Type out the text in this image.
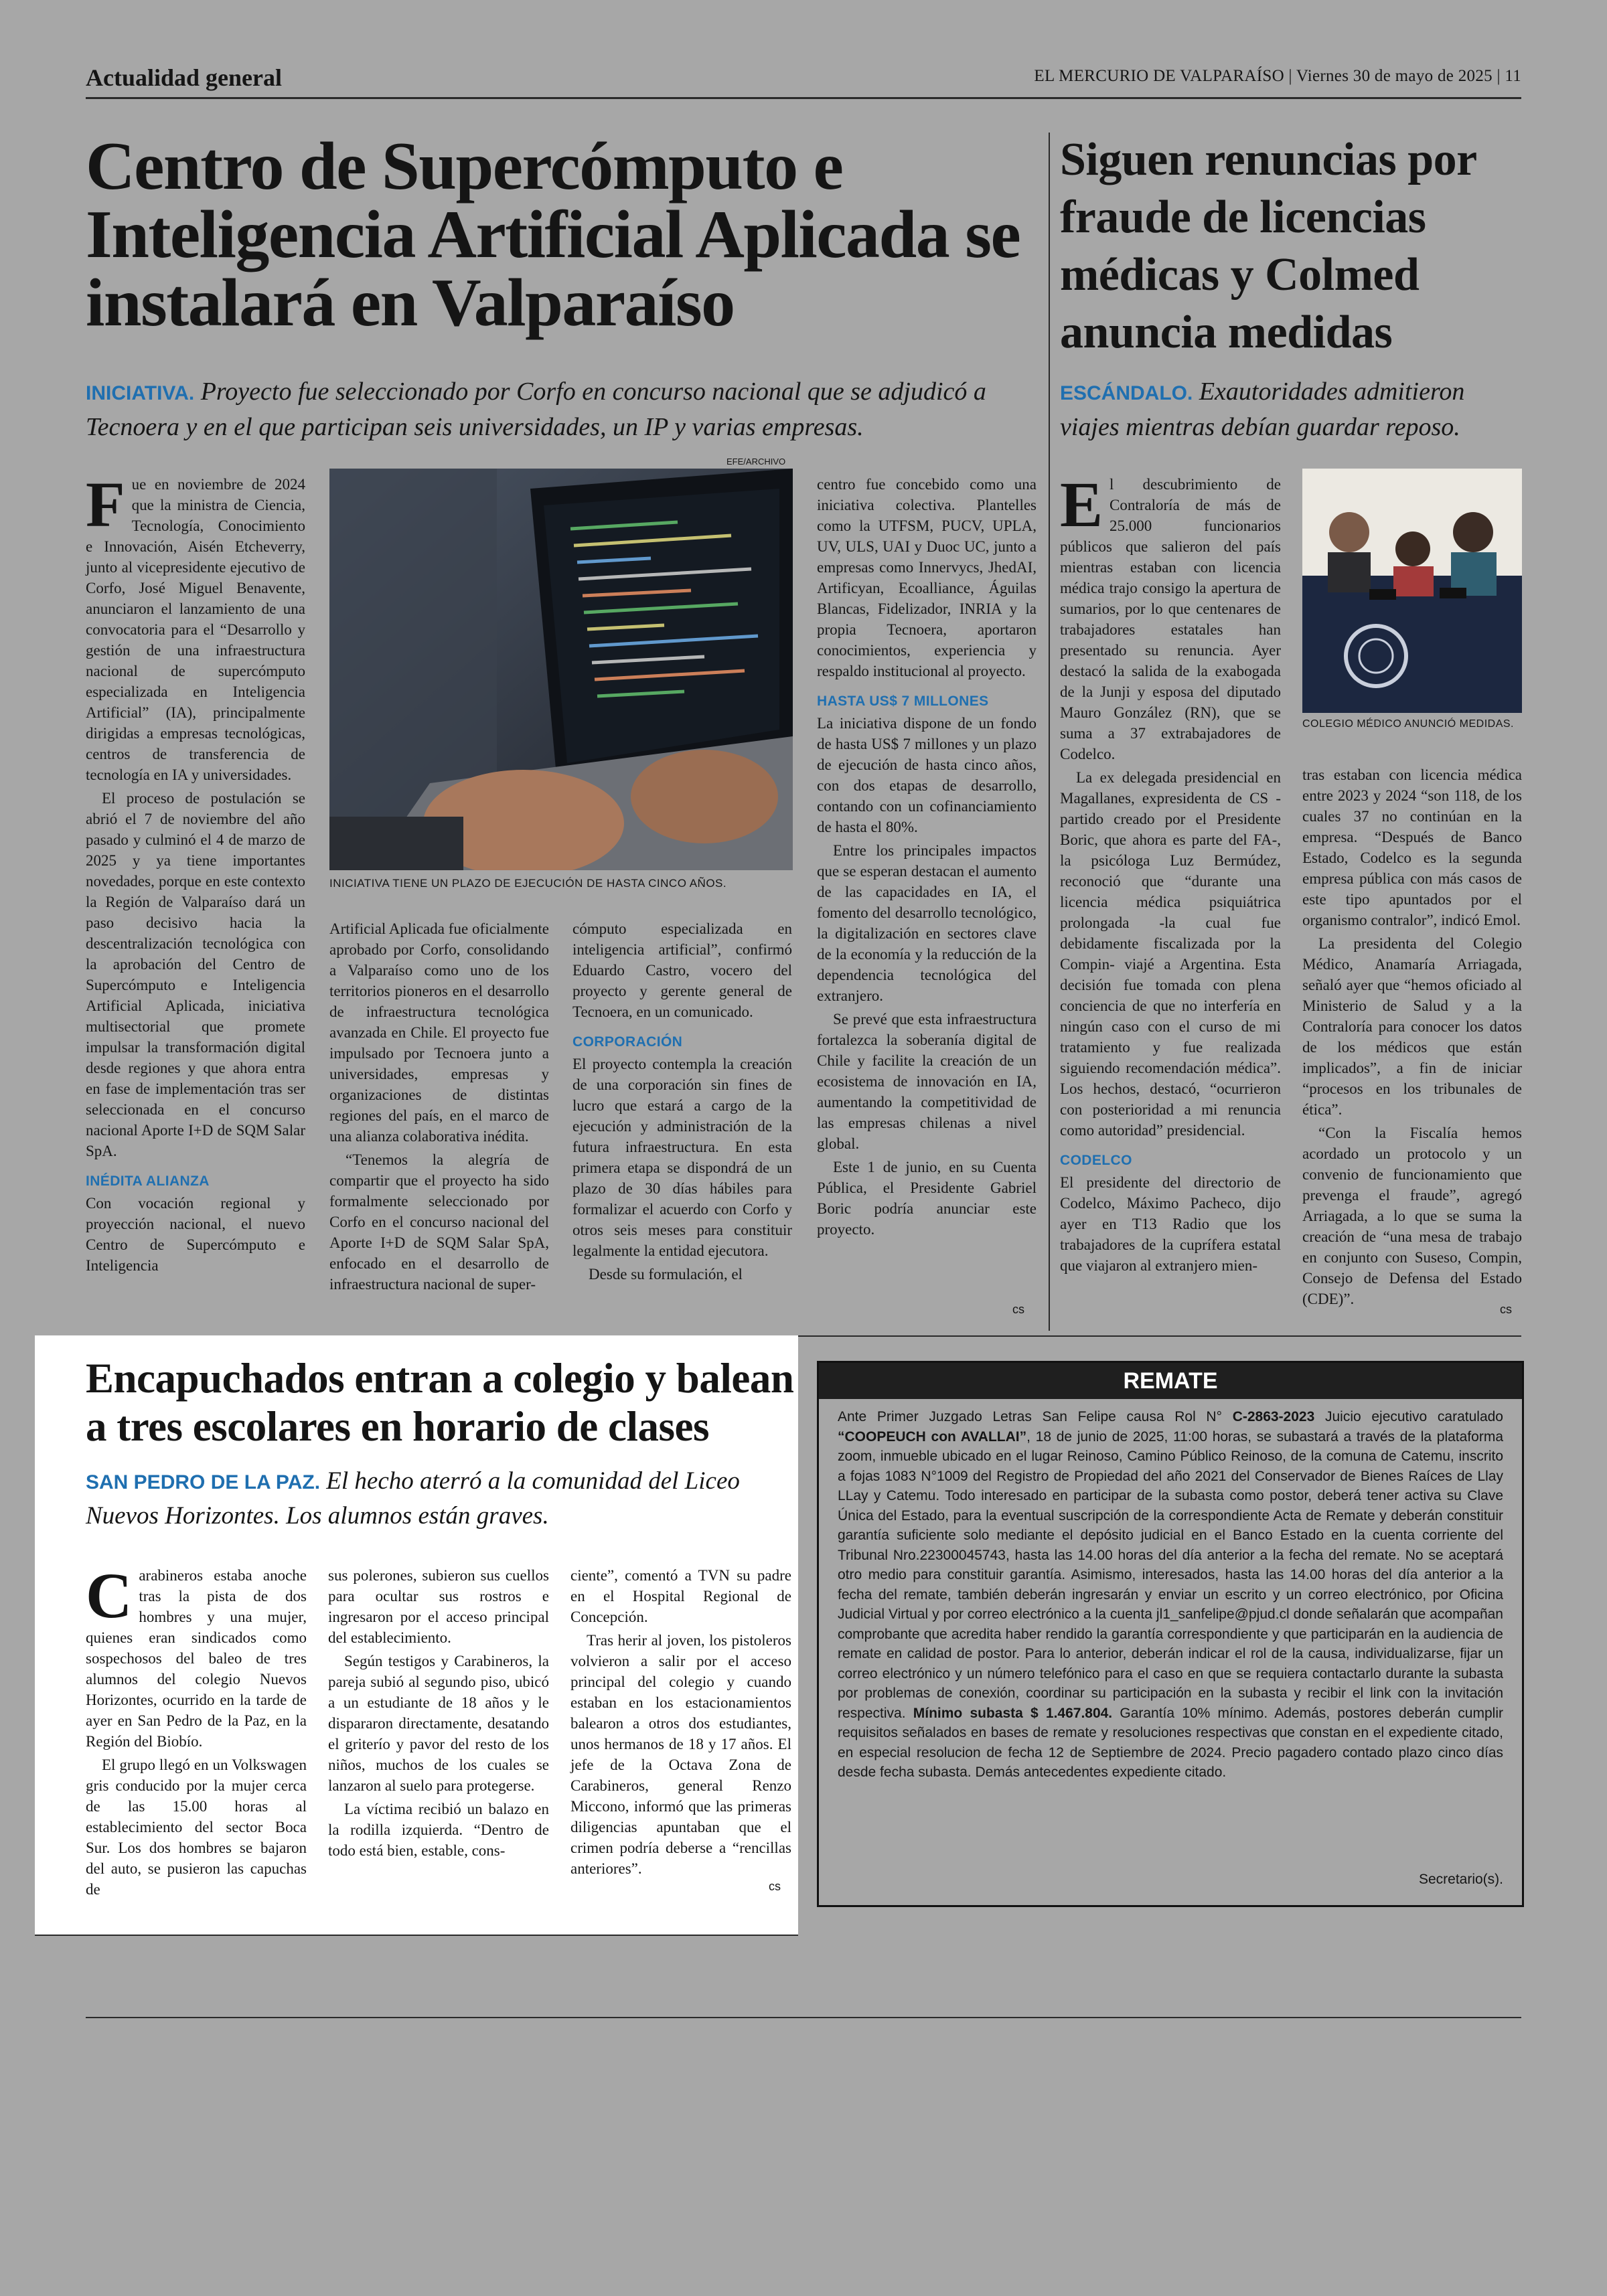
Actualidad general	EL MERCURIO DE VALPARAÍSO | Viernes 30 de mayo de 2025 | 11
Centro de Supercómputo e Inteligencia Artificial Aplicada se instalará en Valparaíso
INICIATIVA. Proyecto fue seleccionado por Corfo en concurso nacional que se adjudicó a Tecnoera y en el que participan seis universidades, un IP y varias empresas.

Fue en noviembre de 2024 que la ministra de Ciencia, Tecnología, Conocimiento e Innovación, Aisén Etcheverry, junto al vicepresidente ejecutivo de Corfo, José Miguel Benavente, anunciaron el lanzamiento de una convocatoria para el “Desarrollo y gestión de una infraestructura nacional de supercómputo especializada en Inteligencia Artificial” (IA), principalmente dirigidas a empresas tecnológicas, centros de transferencia de tecnología en IA y universidades.

El proceso de postulación se abrió el 7 de noviembre del año pasado y culminó el 4 de marzo de 2025 y ya tiene importantes novedades, porque en este contexto la Región de Valparaíso dará un paso decisivo hacia la descentralización tecnológica con la aprobación del Centro de Supercómputo e Inteligencia Artificial Aplicada, iniciativa multisectorial que promete impulsar la transformación digital desde regiones y que ahora entra en fase de implementación tras ser seleccionada en el concurso nacional Aporte I+D de SQM Salar SpA.

INÉDITA ALIANZA

Con vocación regional y proyección nacional, el nuevo Centro de Supercómputo e Inteligencia

EFE/ARCHIVO
INICIATIVA TIENE UN PLAZO DE EJECUCIÓN DE HASTA CINCO AÑOS.

Artificial Aplicada fue oficialmente aprobado por Corfo, consolidando a Valparaíso como uno de los territorios pioneros en el desarrollo de infraestructura tecnológica avanzada en Chile. El proyecto fue impulsado por Tecnoera junto a universidades, empresas y organizaciones de distintas regiones del país, en el marco de una alianza colaborativa inédita.

“Tenemos la alegría de compartir que el proyecto ha sido formalmente seleccionado por Corfo en el concurso nacional del Aporte I+D de SQM Salar SpA, enfocado en el desarrollo de infraestructura nacional de super-

cómputo especializada en inteligencia artificial”, confirmó Eduardo Castro, vocero del proyecto y gerente general de Tecnoera, en un comunicado.

CORPORACIÓN

El proyecto contempla la creación de una corporación sin fines de lucro que estará a cargo de la ejecución y administración de la futura infraestructura. En esta primera etapa se dispondrá de un plazo de 30 días hábiles para formalizar el acuerdo con Corfo y otros seis meses para constituir legalmente la entidad ejecutora.

Desde su formulación, el

centro fue concebido como una iniciativa colectiva. Plantelles como la UTFSM, PUCV, UPLA, UV, ULS, UAI y Duoc UC, junto a empresas como Innervycs, JhedAI, Artificyan, Ecoalliance, Águilas Blancas, Fidelizador, INRIA y la propia Tecnoera, aportaron conocimientos, experiencia y respaldo institucional al proyecto.

HASTA US$ 7 MILLONES

La iniciativa dispone de un fondo de hasta US$ 7 millones y un plazo de ejecución de hasta cinco años, con dos etapas de desarrollo, contando con un cofinanciamiento de hasta el 80%.

Entre los principales impactos que se esperan destacan el aumento de las capacidades en IA, el fomento del desarrollo tecnológico, la digitalización en sectores clave de la economía y la reducción de la dependencia tecnológica del extranjero.

Se prevé que esta infraestructura fortalezca la soberanía digital de Chile y facilite la creación de un ecosistema de innovación en IA, aumentando la competitividad de las empresas chilenas a nivel global.

Este 1 de junio, en su Cuenta Pública, el Presidente Gabriel Boric podría anunciar este proyecto.

cs
Siguen renuncias por fraude de licencias médicas y Colmed anuncia medidas
ESCÁNDALO. Exautoridades admitieron viajes mientras debían guardar reposo.

El descubrimiento de Contraloría de más de 25.000 funcionarios públicos que salieron del país mientras estaban con licencia médica trajo consigo la apertura de sumarios, por lo que centenares de trabajadores estatales han presentado su renuncia. Ayer destacó la salida de la exabogada de la Junji y esposa del diputado Mauro González (RN), que se suma a 37 extrabajadores de Codelco.

La ex delegada presidencial en Magallanes, expresidenta de CS -partido creado por el Presidente Boric, que ahora es parte del FA-, la psicóloga Luz Bermúdez, reconoció que “durante una licencia médica psiquiátrica prolongada -la cual fue debidamente fiscalizada por la Compin- viajé a Argentina. Esta decisión fue tomada con plena conciencia de que no interfería en ningún caso con el curso de mi tratamiento y fue realizada siguiendo recomendación médica”. Los hechos, destacó, “ocurrieron con posterioridad a mi renuncia como autoridad” presidencial.

CODELCO

El presidente del directorio de Codelco, Máximo Pacheco, dijo ayer en T13 Radio que los trabajadores de la cuprífera estatal que viajaron al extranjero mien-

COLEGIO MÉDICO ANUNCIÓ MEDIDAS.

tras estaban con licencia médica entre 2023 y 2024 “son 118, de los cuales 37 no continúan en la empresa. “Después de Banco Estado, Codelco es la segunda empresa pública con más casos de este tipo apuntados por el organismo contralor”, indicó Emol.

La presidenta del Colegio Médico, Anamaría Arriagada, señaló ayer que “hemos oficiado al Ministerio de Salud y a la Contraloría para conocer los datos de los médicos que están implicados”, a fin de iniciar “procesos en los tribunales de ética”.

“Con la Fiscalía hemos acordado un protocolo y un convenio de funcionamiento que prevenga el fraude”, agregó Arriagada, a lo que se suma la creación de “una mesa de trabajo en conjunto con Suseso, Compin, Consejo de Defensa del Estado (CDE)”.

cs
Encapuchados entran a colegio y balean a tres escolares en horario de clases
SAN PEDRO DE LA PAZ. El hecho aterró a la comunidad del Liceo Nuevos Horizontes. Los alumnos están graves.

Carabineros estaba anoche tras la pista de dos hombres y una mujer, quienes eran sindicados como sospechosos del baleo de tres alumnos del colegio Nuevos Horizontes, ocurrido en la tarde de ayer en San Pedro de la Paz, en la Región del Biobío.

El grupo llegó en un Volkswagen gris conducido por la mujer cerca de las 15.00 horas al establecimiento del sector Boca Sur. Los dos hombres se bajaron del auto, se pusieron las capuchas de

sus polerones, subieron sus cuellos para ocultar sus rostros e ingresaron por el acceso principal del establecimiento.

Según testigos y Carabineros, la pareja subió al segundo piso, ubicó a un estudiante de 18 años y le dispararon directamente, desatando el griterío y pavor del resto de los niños, muchos de los cuales se lanzaron al suelo para protegerse.

La víctima recibió un balazo en la rodilla izquierda. “Dentro de todo está bien, estable, cons-

ciente”, comentó a TVN su padre en el Hospital Regional de Concepción.

Tras herir al joven, los pistoleros volvieron a salir por el acceso principal del colegio y cuando estaban en los estacionamientos balearon a otros dos estudiantes, unos hermanos de 18 y 17 años. El jefe de la Octava Zona de Carabineros, general Renzo Miccono, informó que las primeras diligencias apuntaban que el crimen podría deberse a “rencillas anteriores”.

cs
REMATE
Ante Primer Juzgado Letras San Felipe causa Rol N° C-2863-2023 Juicio ejecutivo caratulado “COOPEUCH con AVALLAI”, 18 de junio de 2025, 11:00 horas, se subastará a través de la plataforma zoom, inmueble ubicado en el lugar Reinoso, Camino Público Reinoso, de la comuna de Catemu, inscrito a fojas 1083 N°1009 del Registro de Propiedad del año 2021 del Conservador de Bienes Raíces de Llay LLay y Catemu. Todo interesado en participar de la subasta como postor, deberá tener activa su Clave Única del Estado, para la eventual suscripción de la correspondiente Acta de Remate y deberán constituir garantía suficiente solo mediante el depósito judicial en el Banco Estado en la cuenta corriente del Tribunal Nro.22300045743, hasta las 14.00 horas del día anterior a la fecha del remate. No se aceptará otro medio para constituir garantía. Asimismo, interesados, hasta las 14.00 horas del día anterior a la fecha del remate, también deberán ingresarán y enviar un escrito y un correo electrónico, por Oficina Judicial Virtual y por correo electrónico a la cuenta jl1_sanfelipe@pjud.cl donde señalarán que acompañan comprobante que acredita haber rendido la garantía correspondiente y que participarán en la audiencia de remate en calidad de postor. Para lo anterior, deberán indicar el rol de la causa, individualizarse, fijar un correo electrónico y un número telefónico para el caso en que se requiera contactarlo durante la subasta por problemas de conexión, coordinar su participación en la subasta y recibir el link con la invitación respectiva. Mínimo subasta $ 1.467.804. Garantía 10% mínimo. Además, postores deberán cumplir requisitos señalados en bases de remate y resoluciones respectivas que constan en el expediente citado, en especial resolucion de fecha 12 de Septiembre de 2024. Precio pagadero contado plazo cinco días desde fecha subasta. Demás antecedentes expediente citado.
Secretario(s).
